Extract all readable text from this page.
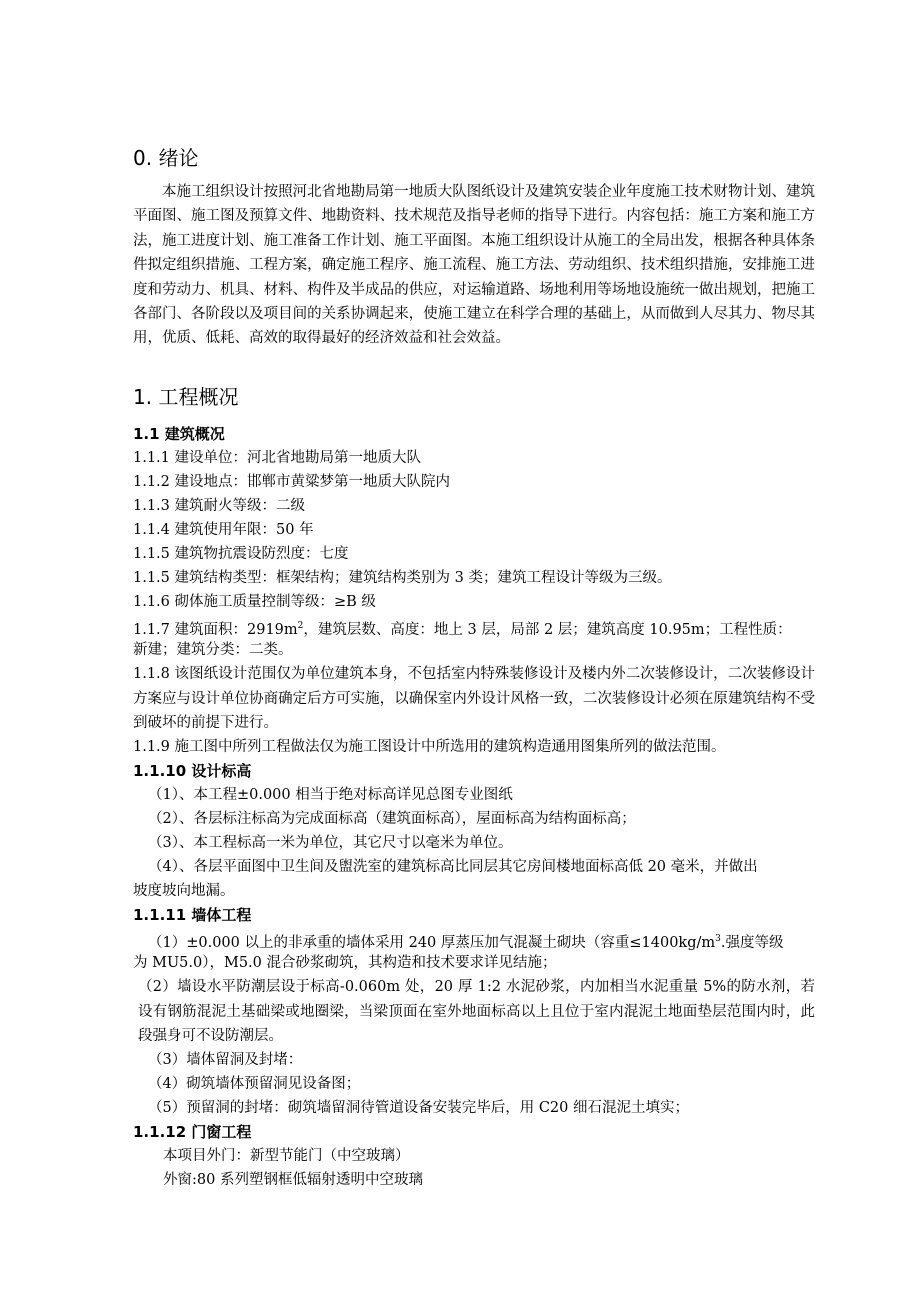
0. 绪论

本施工组织设计按照河北省地勘局第一地质大队图纸设计及建筑安装企业年度施工技术财物计划、建筑平面图、施工图及预算文件、地勘资料、技术规范及指导老师的指导下进行。内容包括：施工方案和施工方法，施工进度计划、施工准备工作计划、施工平面图。本施工组织设计从施工的全局出发，根据各种具体条件拟定组织措施、工程方案，确定施工程序、施工流程、施工方法、劳动组织、技术组织措施，安排施工进度和劳动力、机具、材料、构件及半成品的供应，对运输道路、场地利用等场地设施统一做出规划，把施工各部门、各阶段以及项目间的关系协调起来，使施工建立在科学合理的基础上，从而做到人尽其力、物尽其用，优质、低耗、高效的取得最好的经济效益和社会效益。

1. 工程概况
1.1 建筑概况
1.1.1 建设单位：河北省地勘局第一地质大队
1.1.2 建设地点：邯郸市黄粱梦第一地质大队院内
1.1.3 建筑耐火等级：二级
1.1.4 建筑使用年限：50 年
1.1.5 建筑物抗震设防烈度：七度
1.1.5 建筑结构类型：框架结构；建筑结构类别为 3 类；建筑工程设计等级为三级。
1.1.6 砌体施工质量控制等级：≥B 级
1.1.7 建筑面积：$2919m^2$，建筑层数、高度：地上 3 层，局部 2 层；建筑高度 10.95m；工程性质：
新建；建筑分类：二类。

1.1.8 该图纸设计范围仅为单位建筑本身，不包括室内特殊装修设计及楼内外二次装修设计，二次装修设计方案应与设计单位协商确定后方可实施，以确保室内外设计风格一致，二次装修设计必须在原建筑结构不受到破坏的前提下进行。

1.1.9 施工图中所列工程做法仅为施工图设计中所选用的建筑构造通用图集所列的做法范围。
1.1.10 设计标高
（1）、本工程±0.000 相当于绝对标高详见总图专业图纸
（2）、各层标注标高为完成面标高（建筑面标高），屋面标高为结构面标高；
（3）、本工程标高一米为单位，其它尺寸以毫米为单位。
（4）、各层平面图中卫生间及盥洗室的建筑标高比同层其它房间楼地面标高低 20 毫米，并做出
坡度坡向地漏。
1.1.11 墙体工程
（1）±0.000 以上的非承重的墙体采用 240 厚蒸压加气混凝土砌块（容重$\le 1400kg/m^3$.强度等级
为 MU5.0），M5.0 混合砂浆砌筑，其构造和技术要求详见结施；

（2）墙设水平防潮层设于标高-0.060m 处，20 厚 1:2 水泥砂浆，内加相当水泥重量 5%的防水剂，若设有钢筋混泥土基础梁或地圈梁，当梁顶面在室外地面标高以上且位于室内混泥土地面垫层范围内时，此段强身可不设防潮层。

（3）墙体留洞及封堵：
（4）砌筑墙体预留洞见设备图；
（5）预留洞的封堵：砌筑墙留洞待管道设备安装完毕后，用 C20 细石混泥土填实；
1.1.12 门窗工程
本项目外门：新型节能门（中空玻璃）
外窗:80 系列塑钢框低辐射透明中空玻璃
